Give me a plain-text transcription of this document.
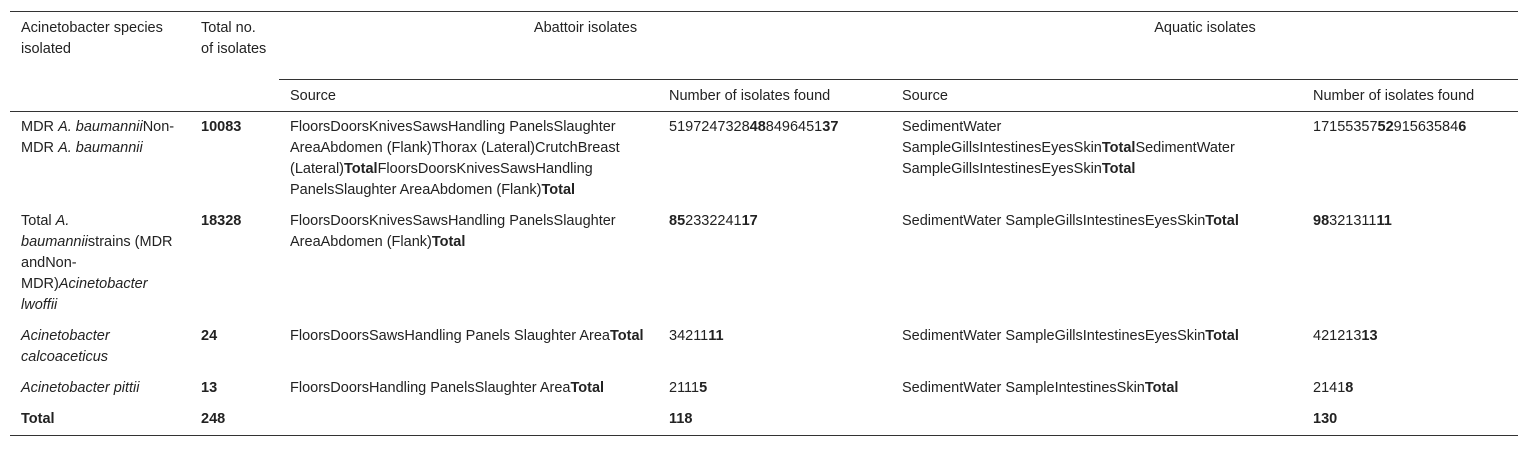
Acinetobacter species isolated	Total no. of isolates	Abattoir isolates		Aquatic isolates	
		Source	Number of isolates found	Source	Number of isolates found
MDR A. baumanniiNon-MDR A. baumannii	10083	FloorsDoorsKnivesSawsHandling PanelsSlaughter AreaAbdomen (Flank)Thorax (Lateral)CrutchBreast (Lateral)TotalFloorsDoorsKnivesSawsHandling PanelsSlaughter AreaAbdomen (Flank)Total	519724732848849645137	SedimentWater SampleGillsIntestinesEyesSkinTotalSedimentWater SampleGillsIntestinesEyesSkinTotal	1715535752915635846
Total A. baumanniistrains (MDR andNon-MDR)Acinetobacter lwoffii	18328	FloorsDoorsKnivesSawsHandling PanelsSlaughter AreaAbdomen (Flank)Total	85233224117	SedimentWater SampleGillsIntestinesEyesSkinTotal	9832131111
Acinetobacter calcoaceticus	24	FloorsDoorsSawsHandling Panels Slaughter AreaTotal	3421111	SedimentWater SampleGillsIntestinesEyesSkinTotal	42121313
Acinetobacter pittii	13	FloorsDoorsHandling PanelsSlaughter AreaTotal	21115	SedimentWater SampleIntestinesSkinTotal	21418
Total	248		118		130
